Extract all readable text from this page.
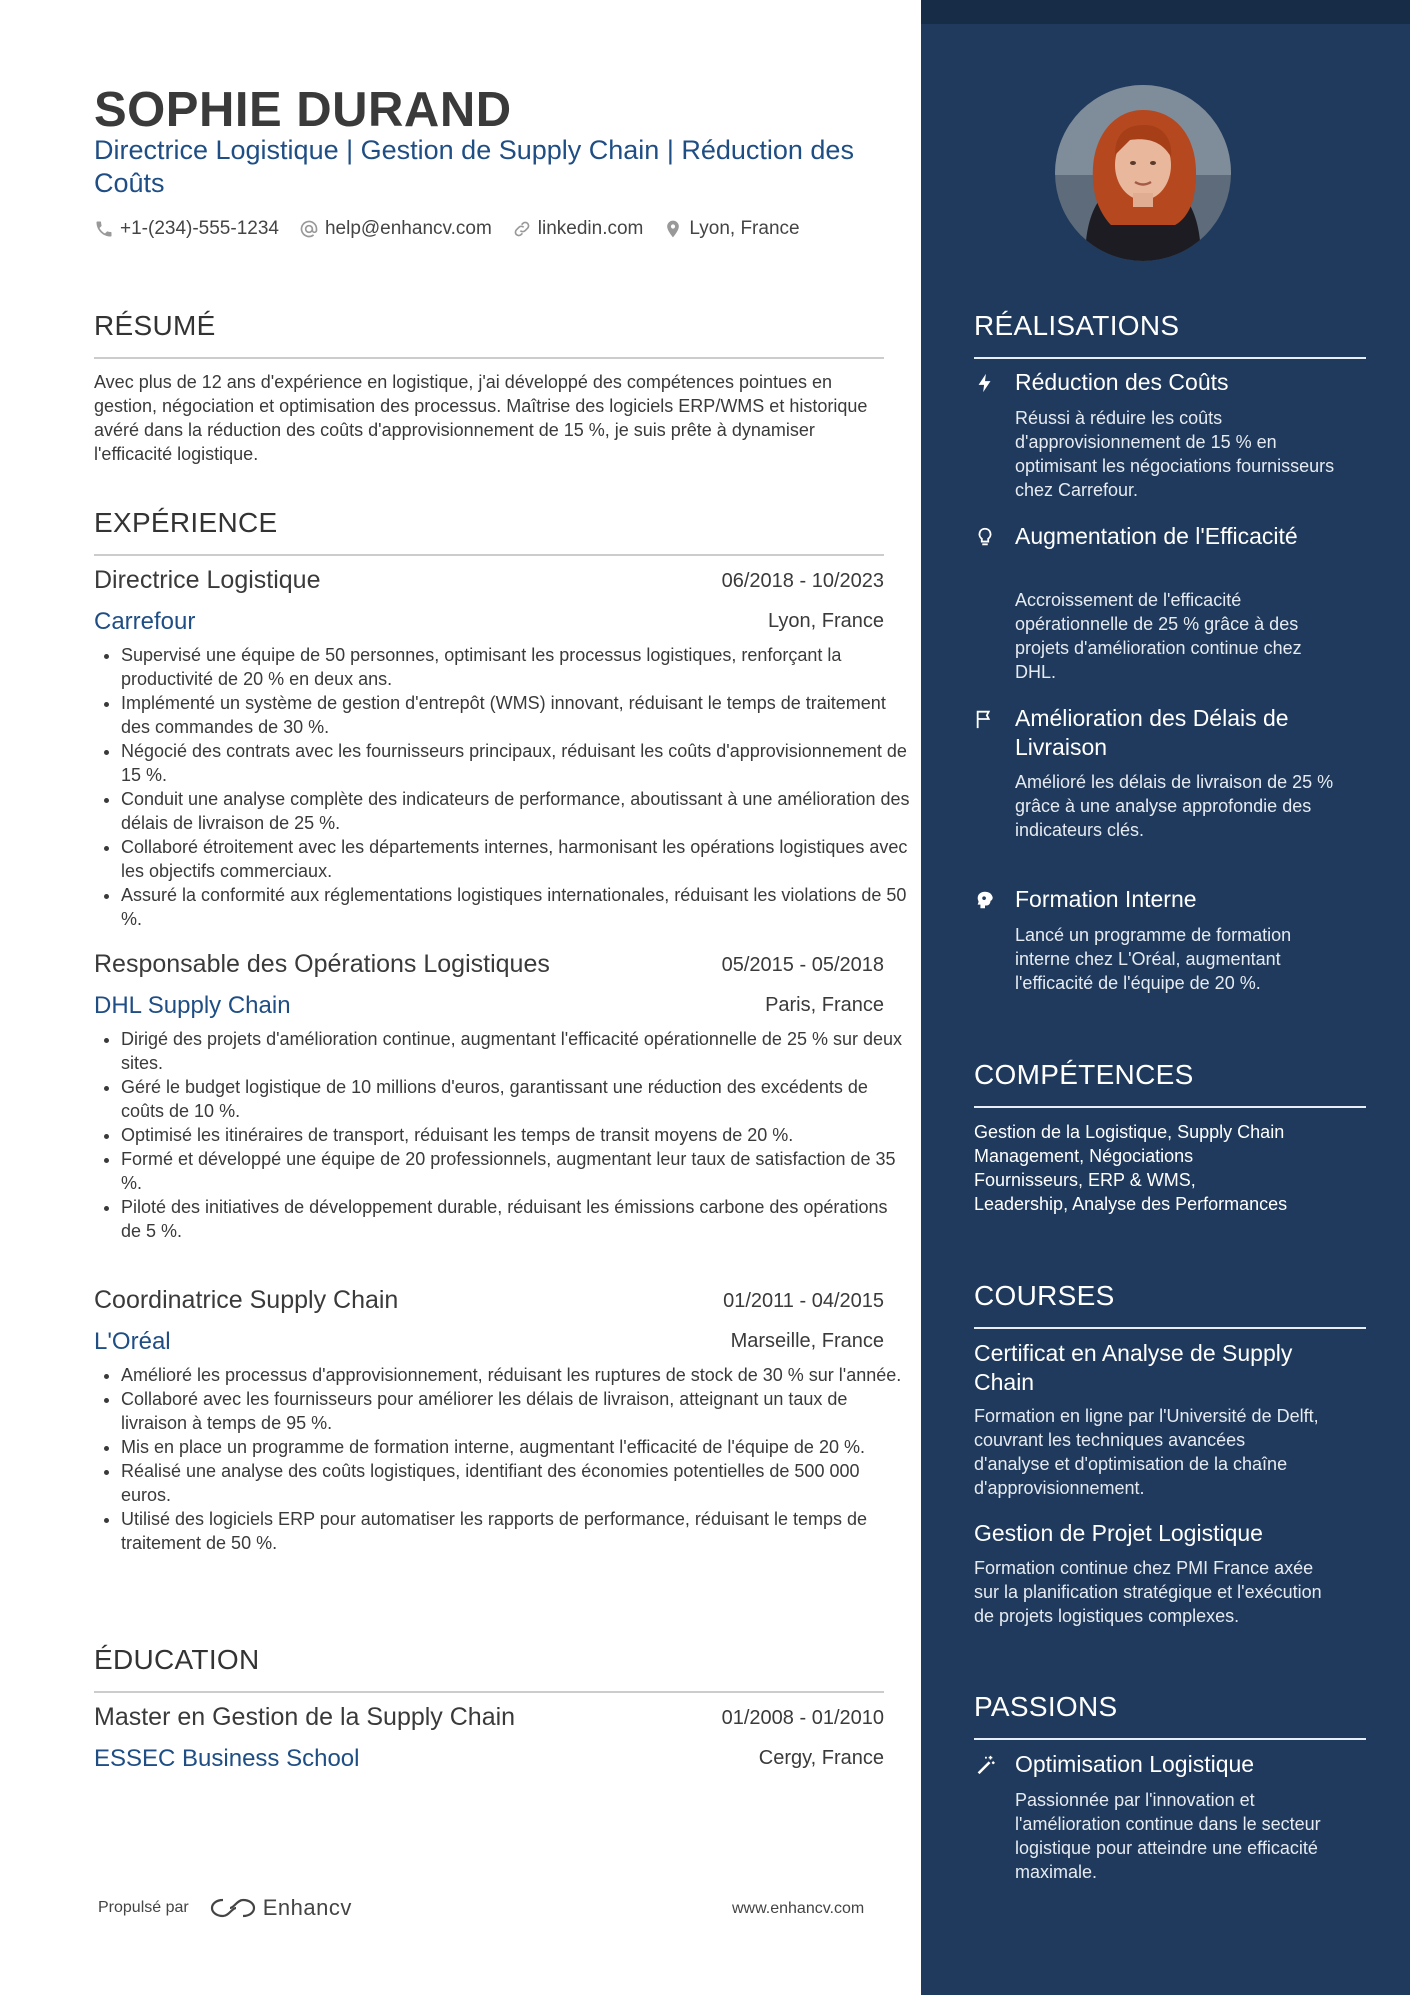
SOPHIE DURAND
Directrice Logistique | Gestion de Supply Chain | Réduction des Coûts
+1-(234)-555-1234 help@enhancv.com linkedin.com Lyon, France
RÉSUMÉ
Avec plus de 12 ans d'expérience en logistique, j'ai développé des compétences pointues en gestion, négociation et optimisation des processus. Maîtrise des logiciels ERP/WMS et historique avéré dans la réduction des coûts d'approvisionnement de 15 %, je suis prête à dynamiser l'efficacité logistique.
EXPÉRIENCE
Directrice Logistique	06/2018 - 10/2023
Carrefour	Lyon, France
• Supervisé une équipe de 50 personnes, optimisant les processus logistiques, renforçant la productivité de 20 % en deux ans.
• Implémenté un système de gestion d'entrepôt (WMS) innovant, réduisant le temps de traitement des commandes de 30 %.
• Négocié des contrats avec les fournisseurs principaux, réduisant les coûts d'approvisionnement de 15 %.
• Conduit une analyse complète des indicateurs de performance, aboutissant à une amélioration des délais de livraison de 25 %.
• Collaboré étroitement avec les départements internes, harmonisant les opérations logistiques avec les objectifs commerciaux.
• Assuré la conformité aux réglementations logistiques internationales, réduisant les violations de 50 %.
Responsable des Opérations Logistiques	05/2015 - 05/2018
DHL Supply Chain	Paris, France
• Dirigé des projets d'amélioration continue, augmentant l'efficacité opérationnelle de 25 % sur deux sites.
• Géré le budget logistique de 10 millions d'euros, garantissant une réduction des excédents de coûts de 10 %.
• Optimisé les itinéraires de transport, réduisant les temps de transit moyens de 20 %.
• Formé et développé une équipe de 20 professionnels, augmentant leur taux de satisfaction de 35 %.
• Piloté des initiatives de développement durable, réduisant les émissions carbone des opérations de 5 %.
Coordinatrice Supply Chain	01/2011 - 04/2015
L'Oréal	Marseille, France
• Amélioré les processus d'approvisionnement, réduisant les ruptures de stock de 30 % sur l'année.
• Collaboré avec les fournisseurs pour améliorer les délais de livraison, atteignant un taux de livraison à temps de 95 %.
• Mis en place un programme de formation interne, augmentant l'efficacité de l'équipe de 20 %.
• Réalisé une analyse des coûts logistiques, identifiant des économies potentielles de 500 000 euros.
• Utilisé des logiciels ERP pour automatiser les rapports de performance, réduisant le temps de traitement de 50 %.
ÉDUCATION
Master en Gestion de la Supply Chain	01/2008 - 01/2010
ESSEC Business School	Cergy, France
Propulsé par	Enhancv	www.enhancv.com
RÉALISATIONS
Réduction des Coûts
Réussi à réduire les coûts d'approvisionnement de 15 % en optimisant les négociations fournisseurs chez Carrefour.
Augmentation de l'Efficacité
Accroissement de l'efficacité opérationnelle de 25 % grâce à des projets d'amélioration continue chez DHL.
Amélioration des Délais de Livraison
Amélioré les délais de livraison de 25 % grâce à une analyse approfondie des indicateurs clés.
Formation Interne
Lancé un programme de formation interne chez L'Oréal, augmentant l'efficacité de l'équipe de 20 %.
COMPÉTENCES
Gestion de la Logistique, Supply Chain Management, Négociations Fournisseurs, ERP & WMS, Leadership, Analyse des Performances
COURSES
Certificat en Analyse de Supply Chain
Formation en ligne par l'Université de Delft, couvrant les techniques avancées d'analyse et d'optimisation de la chaîne d'approvisionnement.
Gestion de Projet Logistique
Formation continue chez PMI France axée sur la planification stratégique et l'exécution de projets logistiques complexes.
PASSIONS
Optimisation Logistique
Passionnée par l'innovation et l'amélioration continue dans le secteur logistique pour atteindre une efficacité maximale.
